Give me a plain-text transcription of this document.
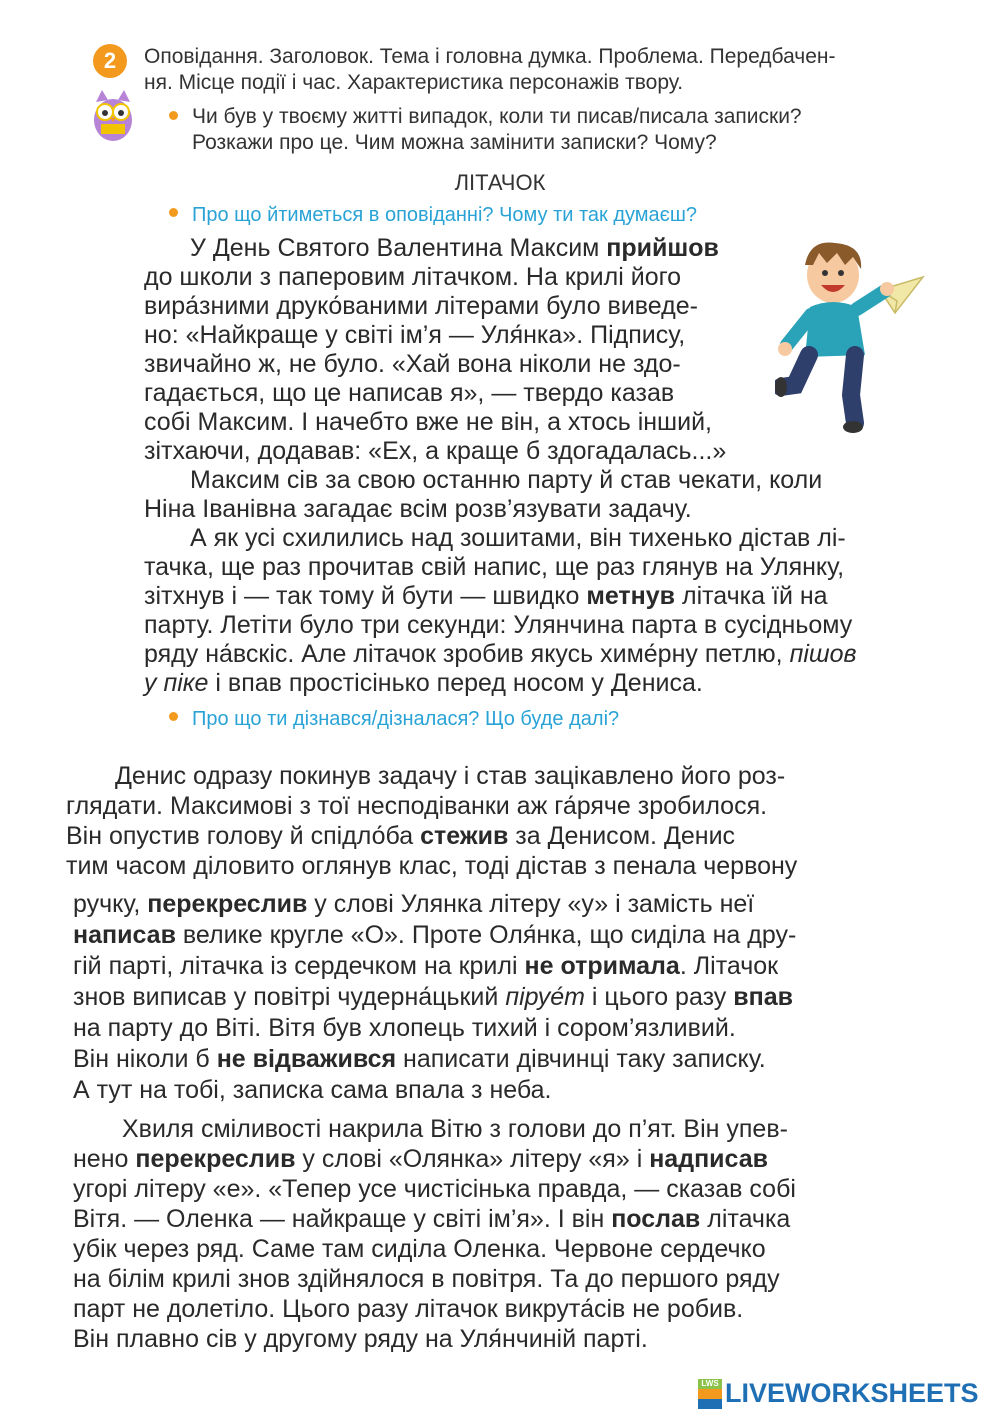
2	Оповідання. Заголовок. Тема і головна думка. Проблема. Передбачен-
ня. Місце події і час. Характеристика персонажів твору.
Чи був у твоєму житті випадок, коли ти писав/писала записки?
Розкажи про це. Чим можна замінити записки? Чому?
ЛІТАЧОК
Про що йтиметься в оповіданні? Чому ти так думаєш?
У День Святого Валентина Максим прийшов
до школи з паперовим літачком. На крилі його
вира́зними друко́ваними літерами було виведе-
но: «Найкраще у світі ім’я — Уля́нка». Підпису,
звичайно ж, не було. «Хай вона ніколи не здо-
гадається, що це написав я», — твердо казав
собі Максим. І начебто вже не він, а хтось інший,
зітхаючи, додавав: «Ех, а краще б здогадалась...»
Максим сів за свою останню парту й став чекати, коли
Ніна Іванівна загадає всім розв’язувати задачу.
А як усі схилились над зошитами, він тихенько дістав лі-
тачка, ще раз прочитав свій напис, ще раз глянув на Улянку,
зітхнув і — так тому й бути — швидко метнув літачка їй на
парту. Летіти було три секунди: Улянчина парта в сусідньому
ряду на́вскіс. Але літачок зробив якусь химе́рну петлю, пішов
у піке і впав простісінько перед носом у Дениса.
Про що ти дізнався/дізналася? Що буде далі?
Денис одразу покинув задачу і став зацікавлено його роз-
глядати. Максимові з тої несподіванки аж га́ряче зробилося.
Він опустив голову й спідло́ба стежив за Денисом. Денис
тим часом діловито оглянув клас, тоді дістав з пенала червону
ручку, перекреслив у слові Улянка літеру «у» і замість неї
написав велике кругле «О». Проте Оля́нка, що сиділа на дру-
гій парті, літачка із сердечком на крилі не отримала. Літачок
знов виписав у повітрі чудерна́цький піруе́т і цього разу впав
на парту до Віті. Вітя був хлопець тихий і сором’язливий.
Він ніколи б не відважився написати дівчинці таку записку.
А тут на тобі, записка сама впала з неба.
Хвиля сміливості накрила Вітю з голови до п’ят. Він упев-
нено перекреслив у слові «Олянка» літеру «я» і надписав
угорі літеру «е». «Тепер усе чистісінька правда, — сказав собі
Вітя. — Оленка — найкраще у світі ім’я». І він послав літачка
убік через ряд. Саме там сиділа Оленка. Червоне сердечко
на білім крилі знов здійнялося в повітря. Та до першого ряду
парт не долетіло. Цього разу літачок викрута́сів не робив.
Він плавно сів у другому ряду на Уля́нчиній парті.
LWS LIVEWORKSHEETS
